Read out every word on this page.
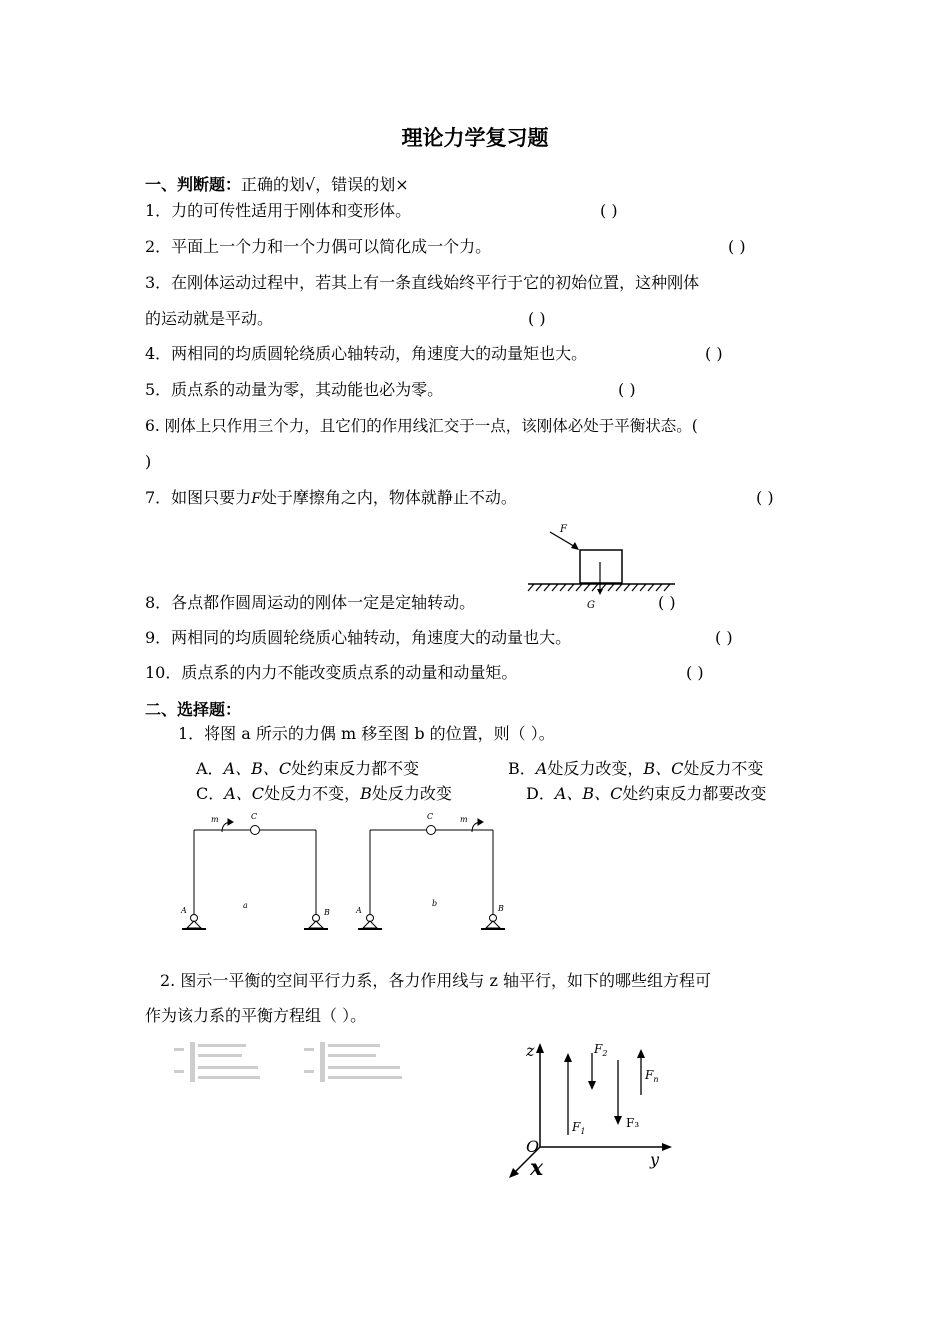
理论力学复习题
一、判断题：正确的划√，错误的划×
1．力的可传性适用于刚体和变形体。	( )
2．平面上一个力和一个力偶可以简化成一个力。	( )
3．在刚体运动过程中，若其上有一条直线始终平行于它的初始位置，这种刚体
的运动就是平动。	( )
4．两相同的均质圆轮绕质心轴转动，角速度大的动量矩也大。	( )
5．质点系的动量为零，其动能也必为零。	( )
6. 刚体上只作用三个力，且它们的作用线汇交于一点，该刚体必处于平衡状态。(
)
7．如图只要力F处于摩擦角之内，物体就静止不动。	( )
F
G
8．各点都作圆周运动的刚体一定是定轴转动。	( )
9．两相同的均质圆轮绕质心轴转动，角速度大的动量也大。	( )
10．质点系的内力不能改变质点系的动量和动量矩。	( )
二、选择题：
1．将图 a 所示的力偶 m 移至图 b 的位置，则（ ）。
A．A、B、C处约束反力都不变	B．A处反力改变，B、C处反力不变
C．A、C处反力不变，B处反力改变	D．A、B、C处约束反力都要改变
m	C
A	B
a
m
C
A	B
b
2. 图示一平衡的空间平行力系，各力作用线与 z 轴平行，如下的哪些组方程可
作为该力系的平衡方程组（ ）。
z
O
y
x
$F_1$
$F_2$
F₃
$F_n$
